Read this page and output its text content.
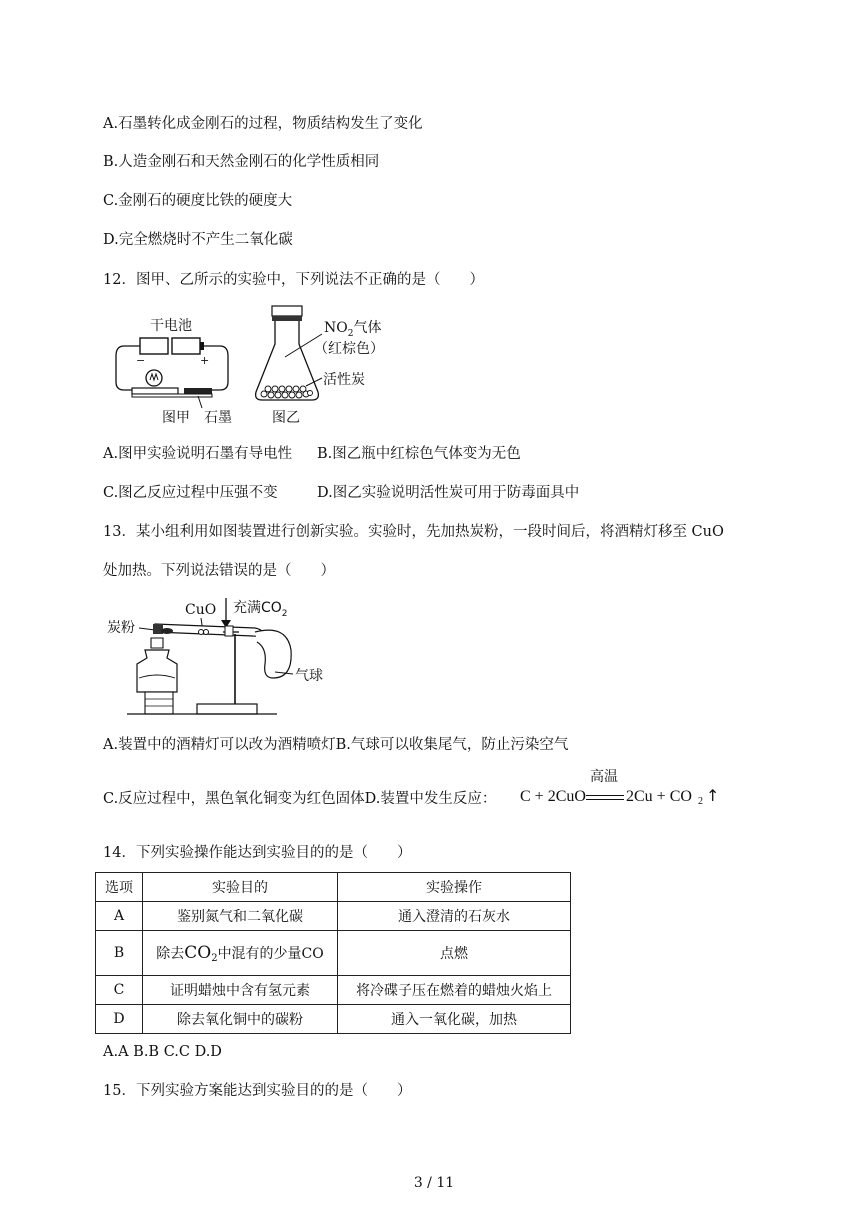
A.石墨转化成金刚石的过程，物质结构发生了变化
B.人造金刚石和天然金刚石的化学性质相同
C.金刚石的硬度比铁的硬度大
D.完全燃烧时不产生二氧化碳
12．图甲、乙所示的实验中，下列说法不正确的是（　　）
干电池
−	+
图甲 石墨
$NO_2$气体
（红棕色）
活性炭
图乙
A.图甲实验说明石墨有导电性 B.图乙瓶中红棕色气体变为无色
C.图乙反应过程中压强不变	D.图乙实验说明活性炭可用于防毒面具中
13．某小组利用如图装置进行创新实验。实验时，先加热炭粉，一段时间后，将酒精灯移至 CuO
处加热。下列说法错误的是（　　）
CuO 充满$CO_2$
炭粉
气球
A.装置中的酒精灯可以改为酒精喷灯B.气球可以收集尾气，防止污染空气
C.反应过程中，黑色氧化铜变为红色固体D.装置中发生反应： C + 2CuO
高温
2Cu + CO 2 ↑
14．下列实验操作能达到实验目的的是（　　）
选项	实验目的	实验操作
A	鉴别氮气和二氧化碳	通入澄清的石灰水
B	除去$CO_2$中混有的少量CO	点燃
C	证明蜡烛中含有氢元素	将冷碟子压在燃着的蜡烛火焰上
D	除去氧化铜中的碳粉	通入一氧化碳，加热
A.A B.B C.C D.D
15．下列实验方案能达到实验目的的是（　　）
3 / 11
